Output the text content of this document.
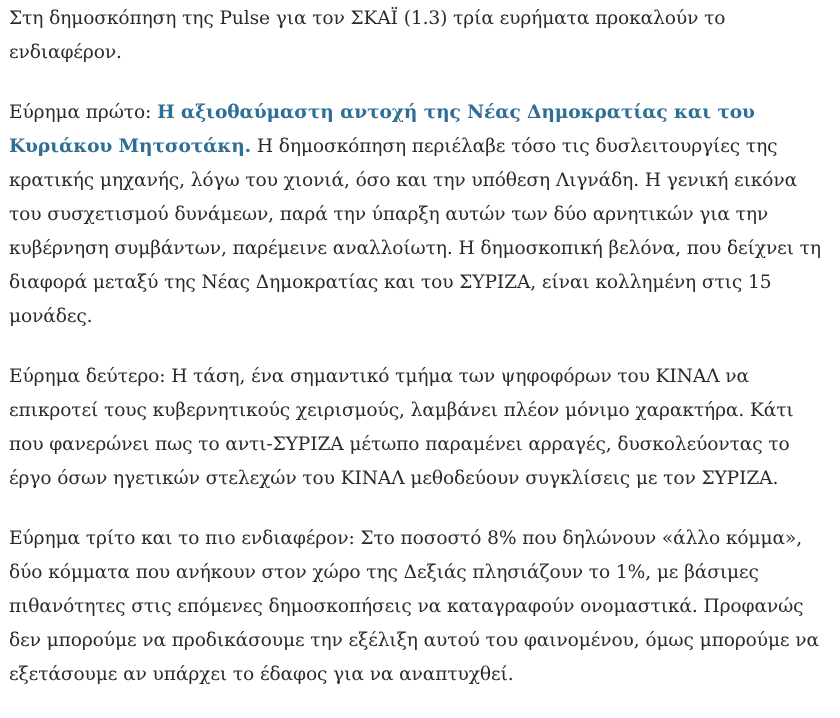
Στη δημοσκόπηση της Pulse για τον ΣΚΑΪ (1.3) τρία ευρήματα προκαλούν το ενδιαφέρον.

Εύρημα πρώτο: Η αξιοθαύμαστη αντοχή της Νέας Δημοκρατίας και του Κυριάκου Μητσοτάκη. Η δημοσκόπηση περιέλαβε τόσο τις δυσλειτουργίες της κρατικής μηχανής, λόγω του χιονιά, όσο και την υπόθεση Λιγνάδη. Η γενική εικόνα του συσχετισμού δυνάμεων, παρά την ύπαρξη αυτών των δύο αρνητικών για την κυβέρνηση συμβάντων, παρέμεινε αναλλοίωτη. Η δημοσκοπική βελόνα, που δείχνει τη διαφορά μεταξύ της Νέας Δημοκρατίας και του ΣΥΡΙΖΑ, είναι κολλημένη στις 15 μονάδες.

Εύρημα δεύτερο: Η τάση, ένα σημαντικό τμήμα των ψηφοφόρων του ΚΙΝΑΛ να επικροτεί τους κυβερνητικούς χειρισμούς, λαμβάνει πλέον μόνιμο χαρακτήρα. Κάτι που φανερώνει πως το αντι-ΣΥΡΙΖΑ μέτωπο παραμένει αρραγές, δυσκολεύοντας το έργο όσων ηγετικών στελεχών του ΚΙΝΑΛ μεθοδεύουν συγκλίσεις με τον ΣΥΡΙΖΑ.

Εύρημα τρίτο και το πιο ενδιαφέρον: Στο ποσοστό 8% που δηλώνουν «άλλο κόμμα», δύο κόμματα που ανήκουν στον χώρο της Δεξιάς πλησιάζουν το 1%, με βάσιμες πιθανότητες στις επόμενες δημοσκοπήσεις να καταγραφούν ονομαστικά. Προφανώς δεν μπορούμε να προδικάσουμε την εξέλιξη αυτού του φαινομένου, όμως μπορούμε να εξετάσουμε αν υπάρχει το έδαφος για να αναπτυχθεί.
